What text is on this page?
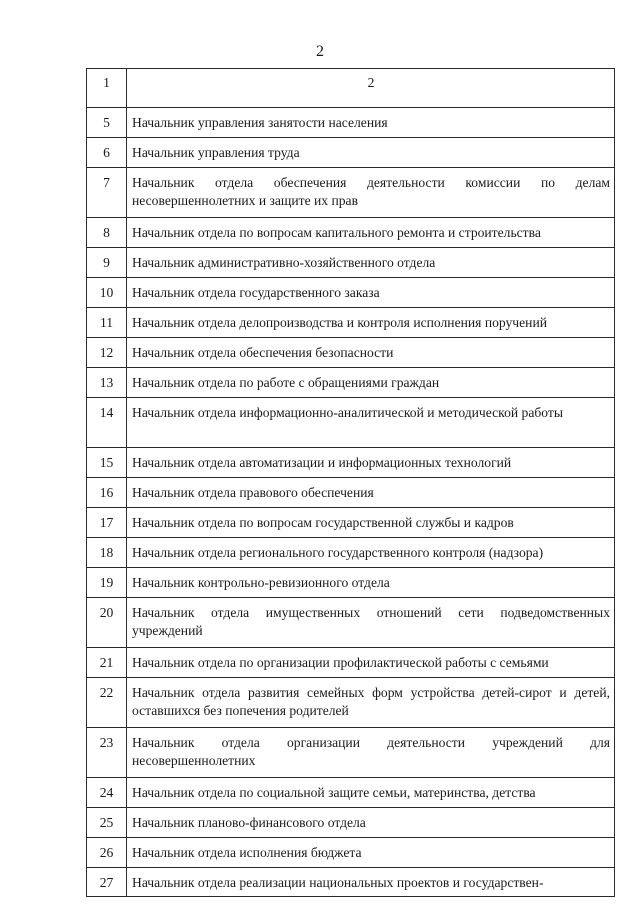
2
1	2
5	Начальник управления занятости населения
6	Начальник управления труда
7	Начальник отдела обеспечения деятельности комиссии по делам несовершеннолетних и защите их прав
8	Начальник отдела по вопросам капитального ремонта и строительства
9	Начальник административно-хозяйственного отдела
10	Начальник отдела государственного заказа
11	Начальник отдела делопроизводства и контроля исполнения поручений
12	Начальник отдела обеспечения безопасности
13	Начальник отдела по работе с обращениями граждан
14	Начальник отдела информационно-аналитической и методической работы
15	Начальник отдела автоматизации и информационных технологий
16	Начальник отдела правового обеспечения
17	Начальник отдела по вопросам государственной службы и кадров
18	Начальник отдела регионального государственного контроля (надзора)
19	Начальник контрольно-ревизионного отдела
20	Начальник отдела имущественных отношений сети подведомственных учреждений
21	Начальник отдела по организации профилактической работы с семьями
22	Начальник отдела развития семейных форм устройства детей-сирот и детей, оставшихся без попечения родителей
23	Начальник отдела организации деятельности учреждений для несовершеннолетних
24	Начальник отдела по социальной защите семьи, материнства, детства
25	Начальник планово-финансового отдела
26	Начальник отдела исполнения бюджета
27	Начальник отдела реализации национальных проектов и государствен-
